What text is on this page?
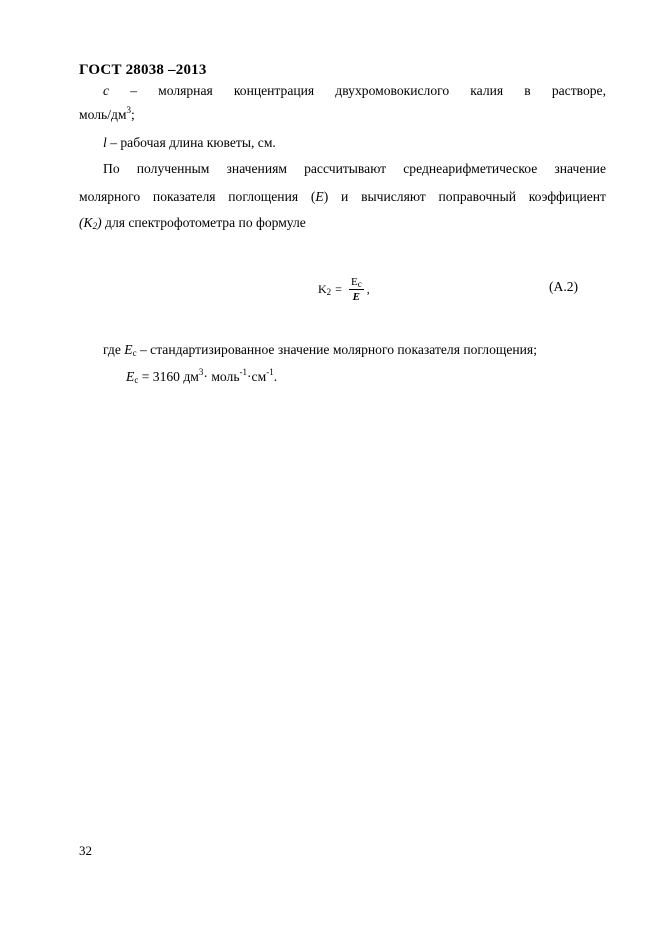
ГОСТ 28038 –2013
c – молярная концентрация двухромовокислого калия в растворе,
моль/$дм^3$;
l – рабочая длина кюветы, см.
По полученным значениям рассчитывают среднеарифметическое значение
молярного показателя поглощения (E) и вычисляют поправочный коэффициент
$(K_2)$ для спектрофотометра по формуле
$K_2 = \frac{E_c}{E}$ ,	(А.2)
где $E_c$ – стандартизированное значение молярного показателя поглощения;
$E_c = 3160$ $дм^3\cdot$ $моль^{-1}\cdot см^{-1}$.
32
